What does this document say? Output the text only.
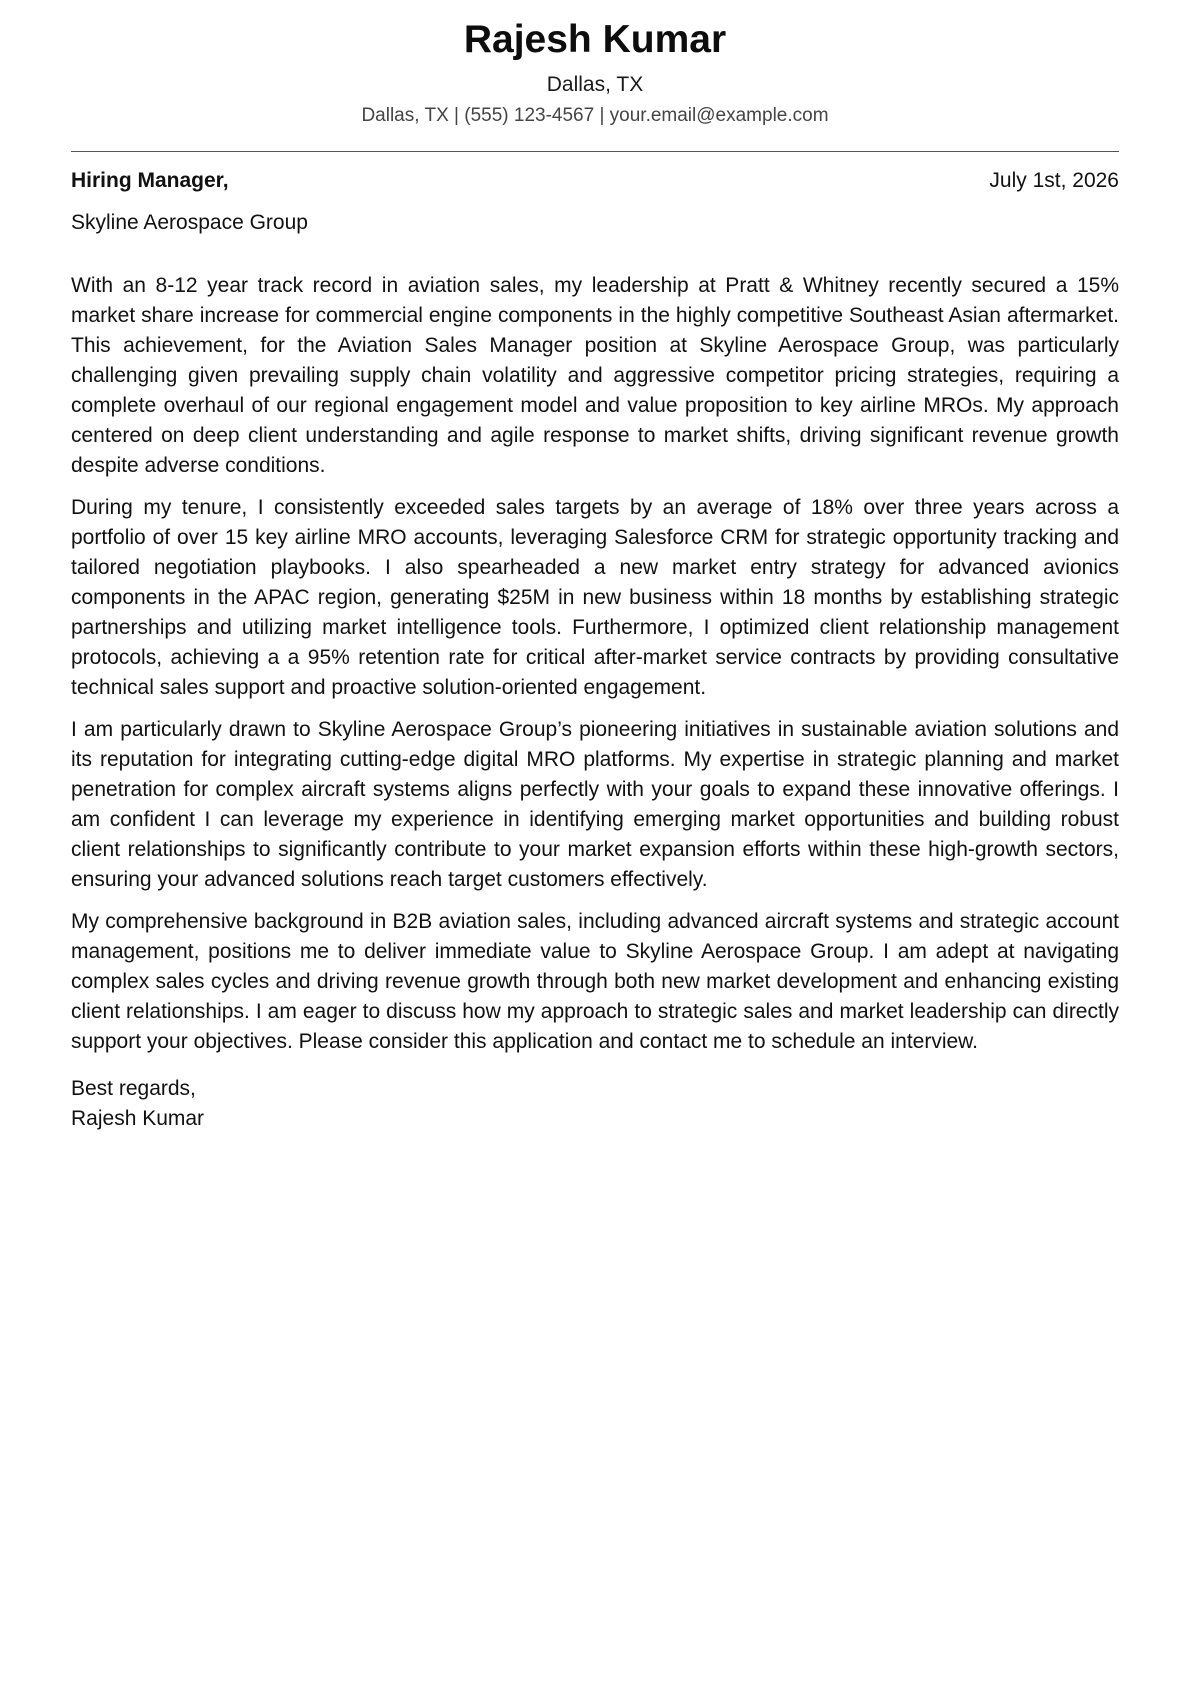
Rajesh Kumar
Dallas, TX
Dallas, TX | (555) 123-4567 | your.email@example.com
Hiring Manager,	July 1st, 2026
Skyline Aerospace Group

With an 8-12 year track record in aviation sales, my leadership at Pratt & Whitney recently secured a 15% market share increase for commercial engine components in the highly competitive Southeast Asian aftermarket. This achievement, for the Aviation Sales Manager position at Skyline Aerospace Group, was particularly challenging given prevailing supply chain volatility and aggressive competitor pricing strategies, requiring a complete overhaul of our regional engagement model and value proposition to key airline MROs. My approach centered on deep client understanding and agile response to market shifts, driving significant revenue growth despite adverse conditions.

During my tenure, I consistently exceeded sales targets by an average of 18% over three years across a portfolio of over 15 key airline MRO accounts, leveraging Salesforce CRM for strategic opportunity tracking and tailored negotiation playbooks. I also spearheaded a new market entry strategy for advanced avionics components in the APAC region, generating $25M in new business within 18 months by establishing strategic partnerships and utilizing market intelligence tools. Furthermore, I optimized client relationship management protocols, achieving a a 95% retention rate for critical after-market service contracts by providing consultative technical sales support and proactive solution-oriented engagement.

I am particularly drawn to Skyline Aerospace Group’s pioneering initiatives in sustainable aviation solutions and its reputation for integrating cutting-edge digital MRO platforms. My expertise in strategic planning and market penetration for complex aircraft systems aligns perfectly with your goals to expand these innovative offerings. I am confident I can leverage my experience in identifying emerging market opportunities and building robust client relationships to significantly contribute to your market expansion efforts within these high-growth sectors, ensuring your advanced solutions reach target customers effectively.

My comprehensive background in B2B aviation sales, including advanced aircraft systems and strategic account management, positions me to deliver immediate value to Skyline Aerospace Group. I am adept at navigating complex sales cycles and driving revenue growth through both new market development and enhancing existing client relationships. I am eager to discuss how my approach to strategic sales and market leadership can directly support your objectives. Please consider this application and contact me to schedule an interview.

Best regards,
Rajesh Kumar
